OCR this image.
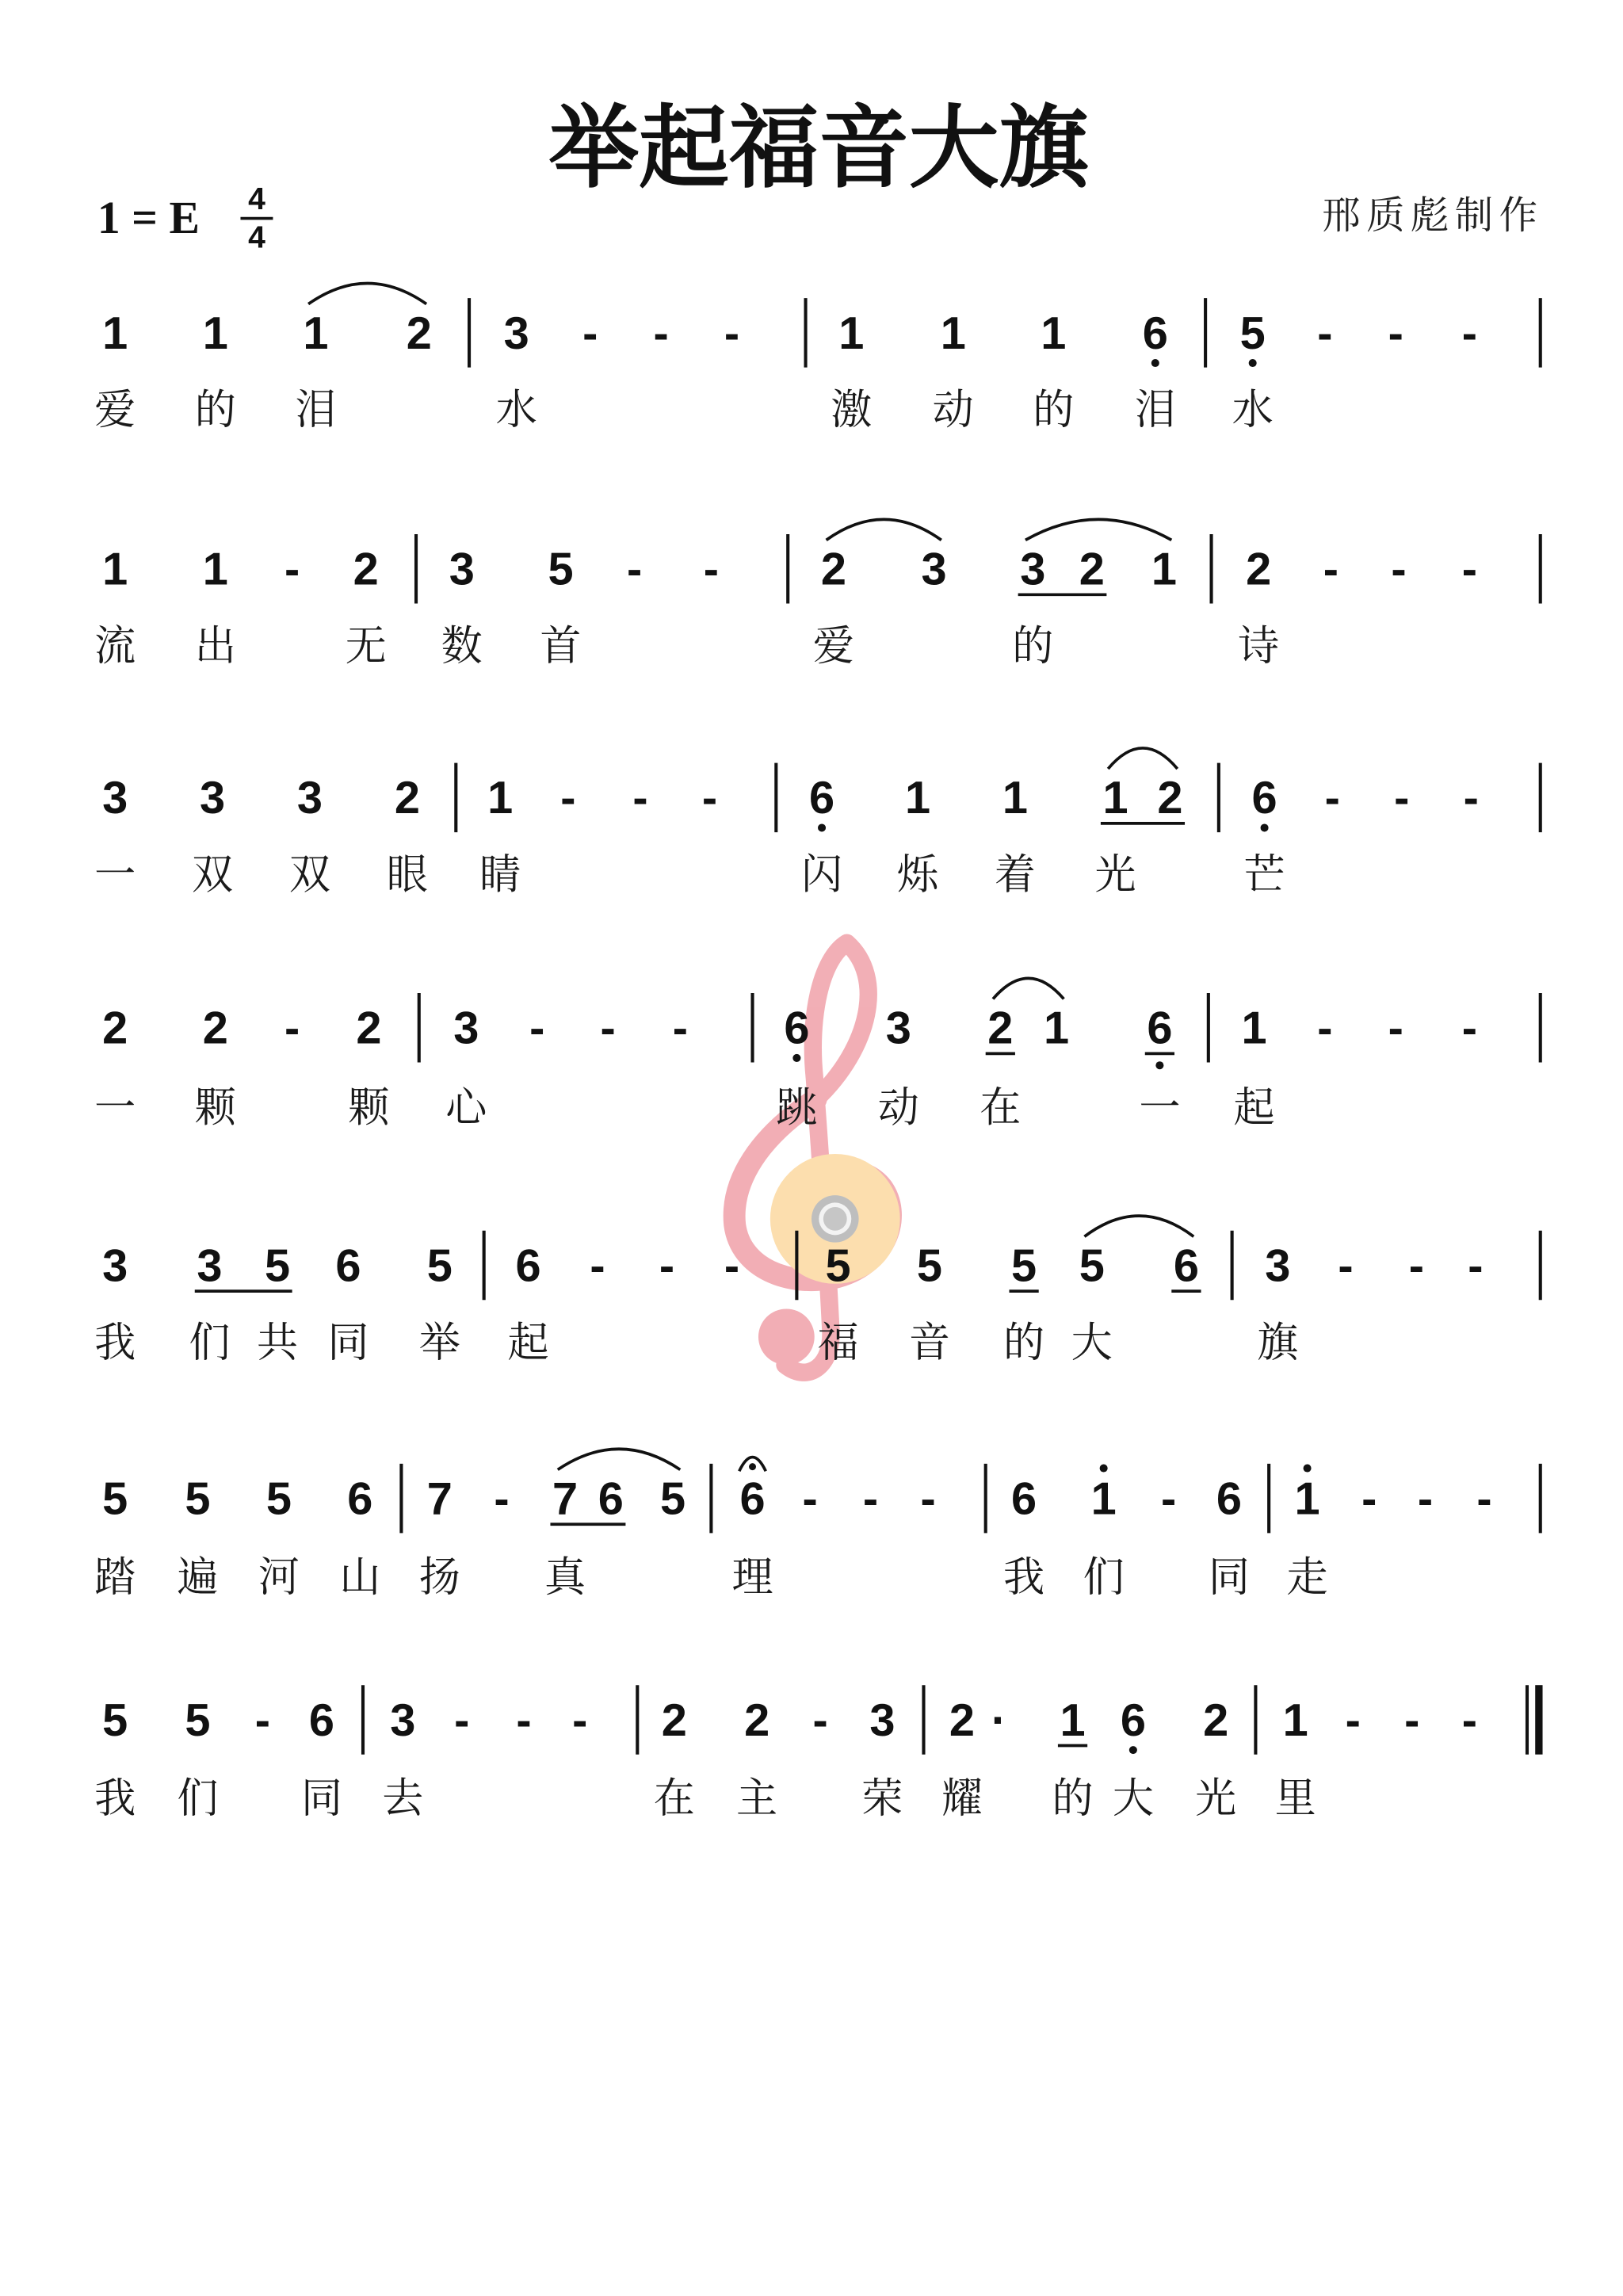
举起福音大旗
1 = E	4
4	邢质彪制作
1	1	1	2	3 - - -	1	1	1	6	5 - - -
爱	的	泪	水	激	动	的	泪	水
1	1 - 2	3	5 -	-	2	3	3 2 1	2 - - -
流	出	无 数	首	爱	的	诗
3	3	3	2	1 - - -	6	1	1	1 2	6 - - -
一	双	双	眼 睛	闪 烁	着	光	芒
2	2 - 2	3 - - -	6	3	2 1	6	1 - - -
一	颗	颗	心	跳	动	在	一 起
3	3 5 6	5	6 - - -	5	5	5 5	6	3 - - -
我 们 共 同 举 起	福 音 的 大	旗
5 5 5 6 7 - 7 6 5 6 - - -	6 1 - 6 1 - - -
踏 遍 河 山 扬	真	理	我 们	同 走
5 5 - 6 3 - - -	2 2 - 3 2 · 1 6 2 1 - - -
我 们	同 去	在 主	荣 耀	的 大 光 里
